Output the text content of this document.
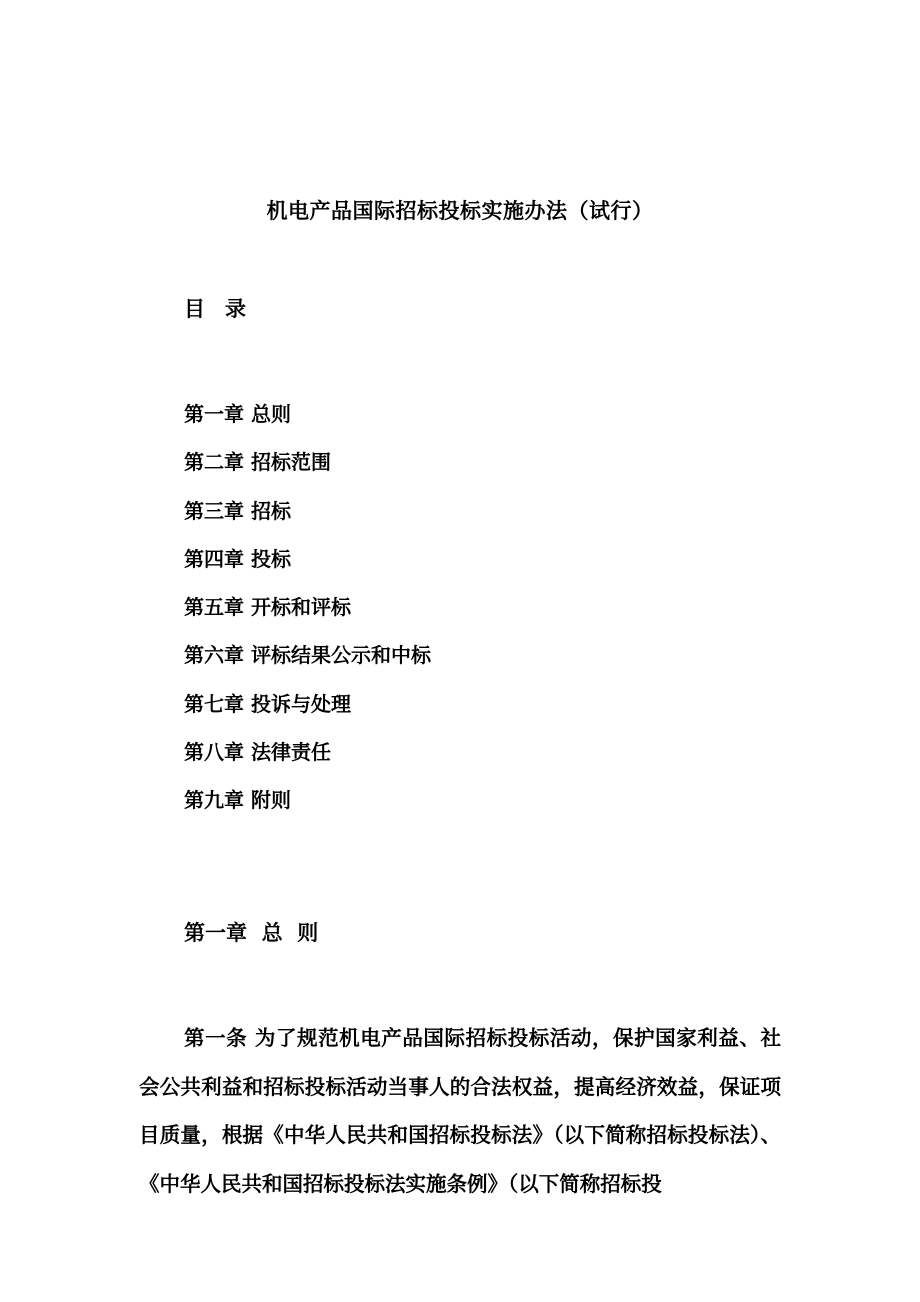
机电产品国际招标投标实施办法（试行）
目录
第一章 总则
第二章 招标范围
第三章 招标
第四章 投标
第五章 开标和评标
第六章 评标结果公示和中标
第七章 投诉与处理
第八章 法律责任
第九章 附则
第一章  总  则

第一条 为了规范机电产品国际招标投标活动，保护国家利益、社会公共利益和招标投标活动当事人的合法权益，提高经济效益，保证项目质量，根据《中华人民共和国招标投标法》（以下简称招标投标法）、《中华人民共和国招标投标法实施条例》（以下简称招标投
